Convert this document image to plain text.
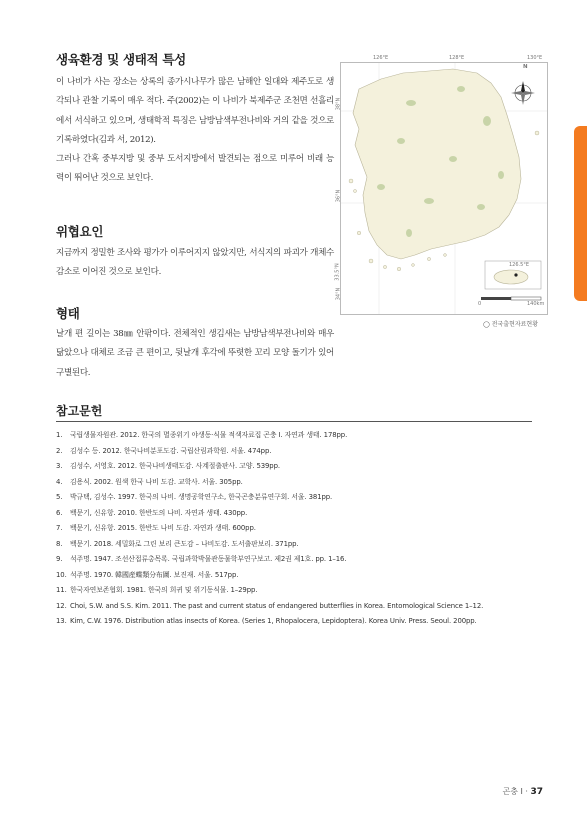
생육환경 및 생태적 특성

이 나비가 사는 장소는 상록의 종가시나무가 많은 남해안 일대와 제주도로 생각되나 관찰 기록이 매우 적다. 주(2002)는 이 나비가 북제주군 조천면 선흘리에서 서식하고 있으며, 생태학적 특징은 남방남색부전나비와 거의 같을 것으로 기록하였다(김과 서, 2012).

그러나 간혹 중부지방 및 중부 도서지방에서 발견되는 점으로 미루어 비래 능력이 뛰어난 것으로 보인다.

위협요인

지금까지 정밀한 조사와 평가가 이루어지지 않았지만, 서식지의 파괴가 개체수 감소로 이어진 것으로 보인다.

형태

날개 편 길이는 38㎜ 안팎이다. 전체적인 생김새는 남방남색부전나비와 매우 닮았으나 대체로 조금 큰 편이고, 뒷날개 후각에 뚜렷한 꼬리 모양 돌기가 있어 구별된다.

126°E	128°E	130°E
38°N
36°N
33.5°N
34°N
N
126.5°E
0	140km
◯ 전국출현자료현황
참고문헌
1. 국립생물자원관. 2012. 한국의 멸종위기 야생동·식물 적색자료집 곤충 I. 자연과 생태. 178pp.
2. 김성수 등. 2012. 한국나비분포도감. 국립산림과학원. 서울. 474pp.
3. 김성수, 서영호. 2012. 한국나비생태도감. 사계절출판사. 고양. 539pp.
4. 김용식. 2002. 원색 한국 나비 도감. 교학사. 서울. 305pp.
5. 박규택, 김성수. 1997. 한국의 나비. 생명공학연구소, 한국곤충분류연구회. 서울. 381pp.
6. 백문기, 신유항. 2010. 한반도의 나비. 자연과 생태. 430pp.
7. 백문기, 신유항. 2015. 한반도 나비 도감. 자연과 생태. 600pp.
8. 백문기. 2018. 세밀화로 그린 보리 큰도감 – 나비도감. 도서출판보리. 371pp.
9. 석주명. 1947. 조선산접류총목록. 국립과학박물관동물학부연구보고. 제2권 제1호. pp. 1–16.
10. 석주명. 1970. 韓國産蝶類分布圖. 보진재. 서울. 517pp.
11. 한국자연보존협회. 1981. 한국의 희귀 및 위기동식물. 1–29pp.
12. Choi, S.W. and S.S. Kim. 2011. The past and current status of endangered butterflies in Korea. Entomological Science 1–12.
13. Kim, C.W. 1976. Distribution atlas insects of Korea. (Series 1, Rhopalocera, Lepidoptera). Korea Univ. Press. Seoul. 200pp.
곤충 I · 37
